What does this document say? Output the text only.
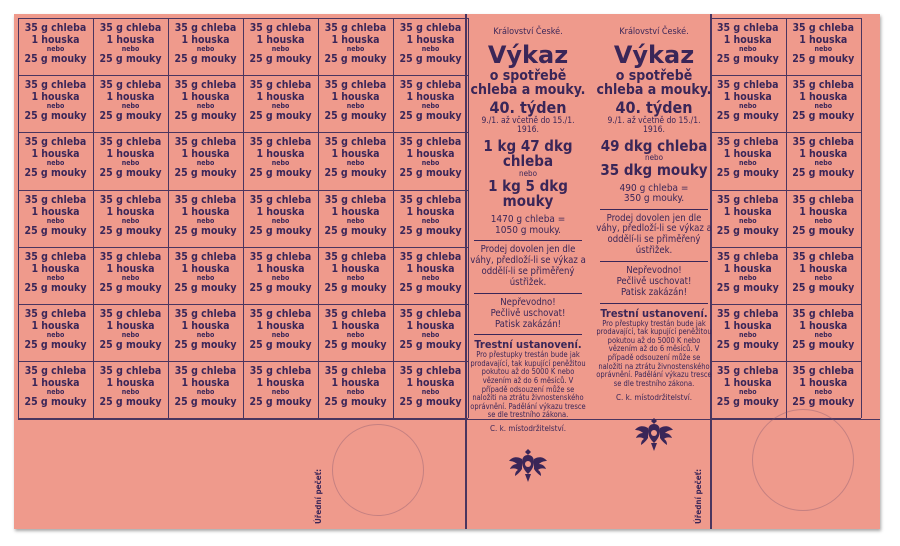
35 g chleba
1 houska
nebo
25 g mouky
35 g chleba
1 houska
nebo
25 g mouky
35 g chleba
1 houska
nebo
25 g mouky
35 g chleba
1 houska
nebo
25 g mouky
35 g chleba
1 houska
nebo
25 g mouky
35 g chleba
1 houska
nebo
25 g mouky
35 g chleba
1 houska
nebo
25 g mouky
35 g chleba
1 houska
nebo
25 g mouky
35 g chleba
1 houska
nebo
25 g mouky
35 g chleba
1 houska
nebo
25 g mouky
35 g chleba
1 houska
nebo
25 g mouky
35 g chleba
1 houska
nebo
25 g mouky
35 g chleba
1 houska
nebo
25 g mouky
35 g chleba
1 houska
nebo
25 g mouky
35 g chleba
1 houska
nebo
25 g mouky
35 g chleba
1 houska
nebo
25 g mouky
35 g chleba
1 houska
nebo
25 g mouky
35 g chleba
1 houska
nebo
25 g mouky
35 g chleba
1 houska
nebo
25 g mouky
35 g chleba
1 houska
nebo
25 g mouky
35 g chleba
1 houska
nebo
25 g mouky
35 g chleba
1 houska
nebo
25 g mouky
35 g chleba
1 houska
nebo
25 g mouky
35 g chleba
1 houska
nebo
25 g mouky
35 g chleba
1 houska
nebo
25 g mouky
35 g chleba
1 houska
nebo
25 g mouky
35 g chleba
1 houska
nebo
25 g mouky
35 g chleba
1 houska
nebo
25 g mouky
35 g chleba
1 houska
nebo
25 g mouky
35 g chleba
1 houska
nebo
25 g mouky
35 g chleba
1 houska
nebo
25 g mouky
35 g chleba
1 houska
nebo
25 g mouky
35 g chleba
1 houska
nebo
25 g mouky
35 g chleba
1 houska
nebo
25 g mouky
35 g chleba
1 houska
nebo
25 g mouky
35 g chleba
1 houska
nebo
25 g mouky
35 g chleba
1 houska
nebo
25 g mouky
35 g chleba
1 houska
nebo
25 g mouky
35 g chleba
1 houska
nebo
25 g mouky
35 g chleba
1 houska
nebo
25 g mouky
35 g chleba
1 houska
nebo
25 g mouky
35 g chleba
1 houska
nebo
25 g mouky
35 g chleba
1 houska
nebo
25 g mouky
35 g chleba
1 houska
nebo
25 g mouky
35 g chleba
1 houska
nebo
25 g mouky
35 g chleba
1 houska
nebo
25 g mouky
35 g chleba
1 houska
nebo
25 g mouky
35 g chleba
1 houska
nebo
25 g mouky
35 g chleba
1 houska
nebo
25 g mouky
35 g chleba
1 houska
nebo
25 g mouky
35 g chleba
1 houska
nebo
25 g mouky
35 g chleba
1 houska
nebo
25 g mouky
35 g chleba
1 houska
nebo
25 g mouky
35 g chleba
1 houska
nebo
25 g mouky
35 g chleba
1 houska
nebo
25 g mouky
35 g chleba
1 houska
nebo
25 g mouky
Království České.
Výkaz
o spotřebě
chleba a mouky.
40. týden
9./1. až včetně do 15./1. 1916.
1 kg 47 dkg chleba
nebo
1 kg 5 dkg mouky
1470 g chleba =
1050 g mouky.
Prodej dovolen jen dle váhy, předloží-li se výkaz a oddělí-li se přiměřený ústřižek.
Nepřevodno!
Pečlivě uschovat!
Patisk zakázán!
Trestní ustanovení.
Pro přestupky trestán bude jak prodavající, tak kupující peněžitou pokutou až do 5000 K nebo vězením až do 6 měsíců. V případě odsouzení může se naložiti na ztrátu živnostenského oprávnění. Padělání výkazu tresce se dle trestního zákona.
C. k. místodržitelství.
Království České.
Výkaz
o spotřebě
chleba a mouky.
40. týden
9./1. až včetně do 15./1. 1916.
49 dkg chleba
nebo
35 dkg mouky
490 g chleba =
350 g mouky.
Prodej dovolen jen dle váhy, předloží-li se výkaz a oddělí-li se přiměřený ústřižek.
Nepřevodno!
Pečlivě uschovat!
Patisk zakázán!
Trestní ustanovení.
Pro přestupky trestán bude jak prodavající, tak kupující peněžitou pokutou až do 5000 K nebo vězením až do 6 měsíců. V případě odsouzení může se naložiti na ztrátu živnostenského oprávnění. Padělání výkazu tresce se dle trestního zákona.
C. k. místodržitelství.
Úřední pečeť:	Úřední pečeť:
